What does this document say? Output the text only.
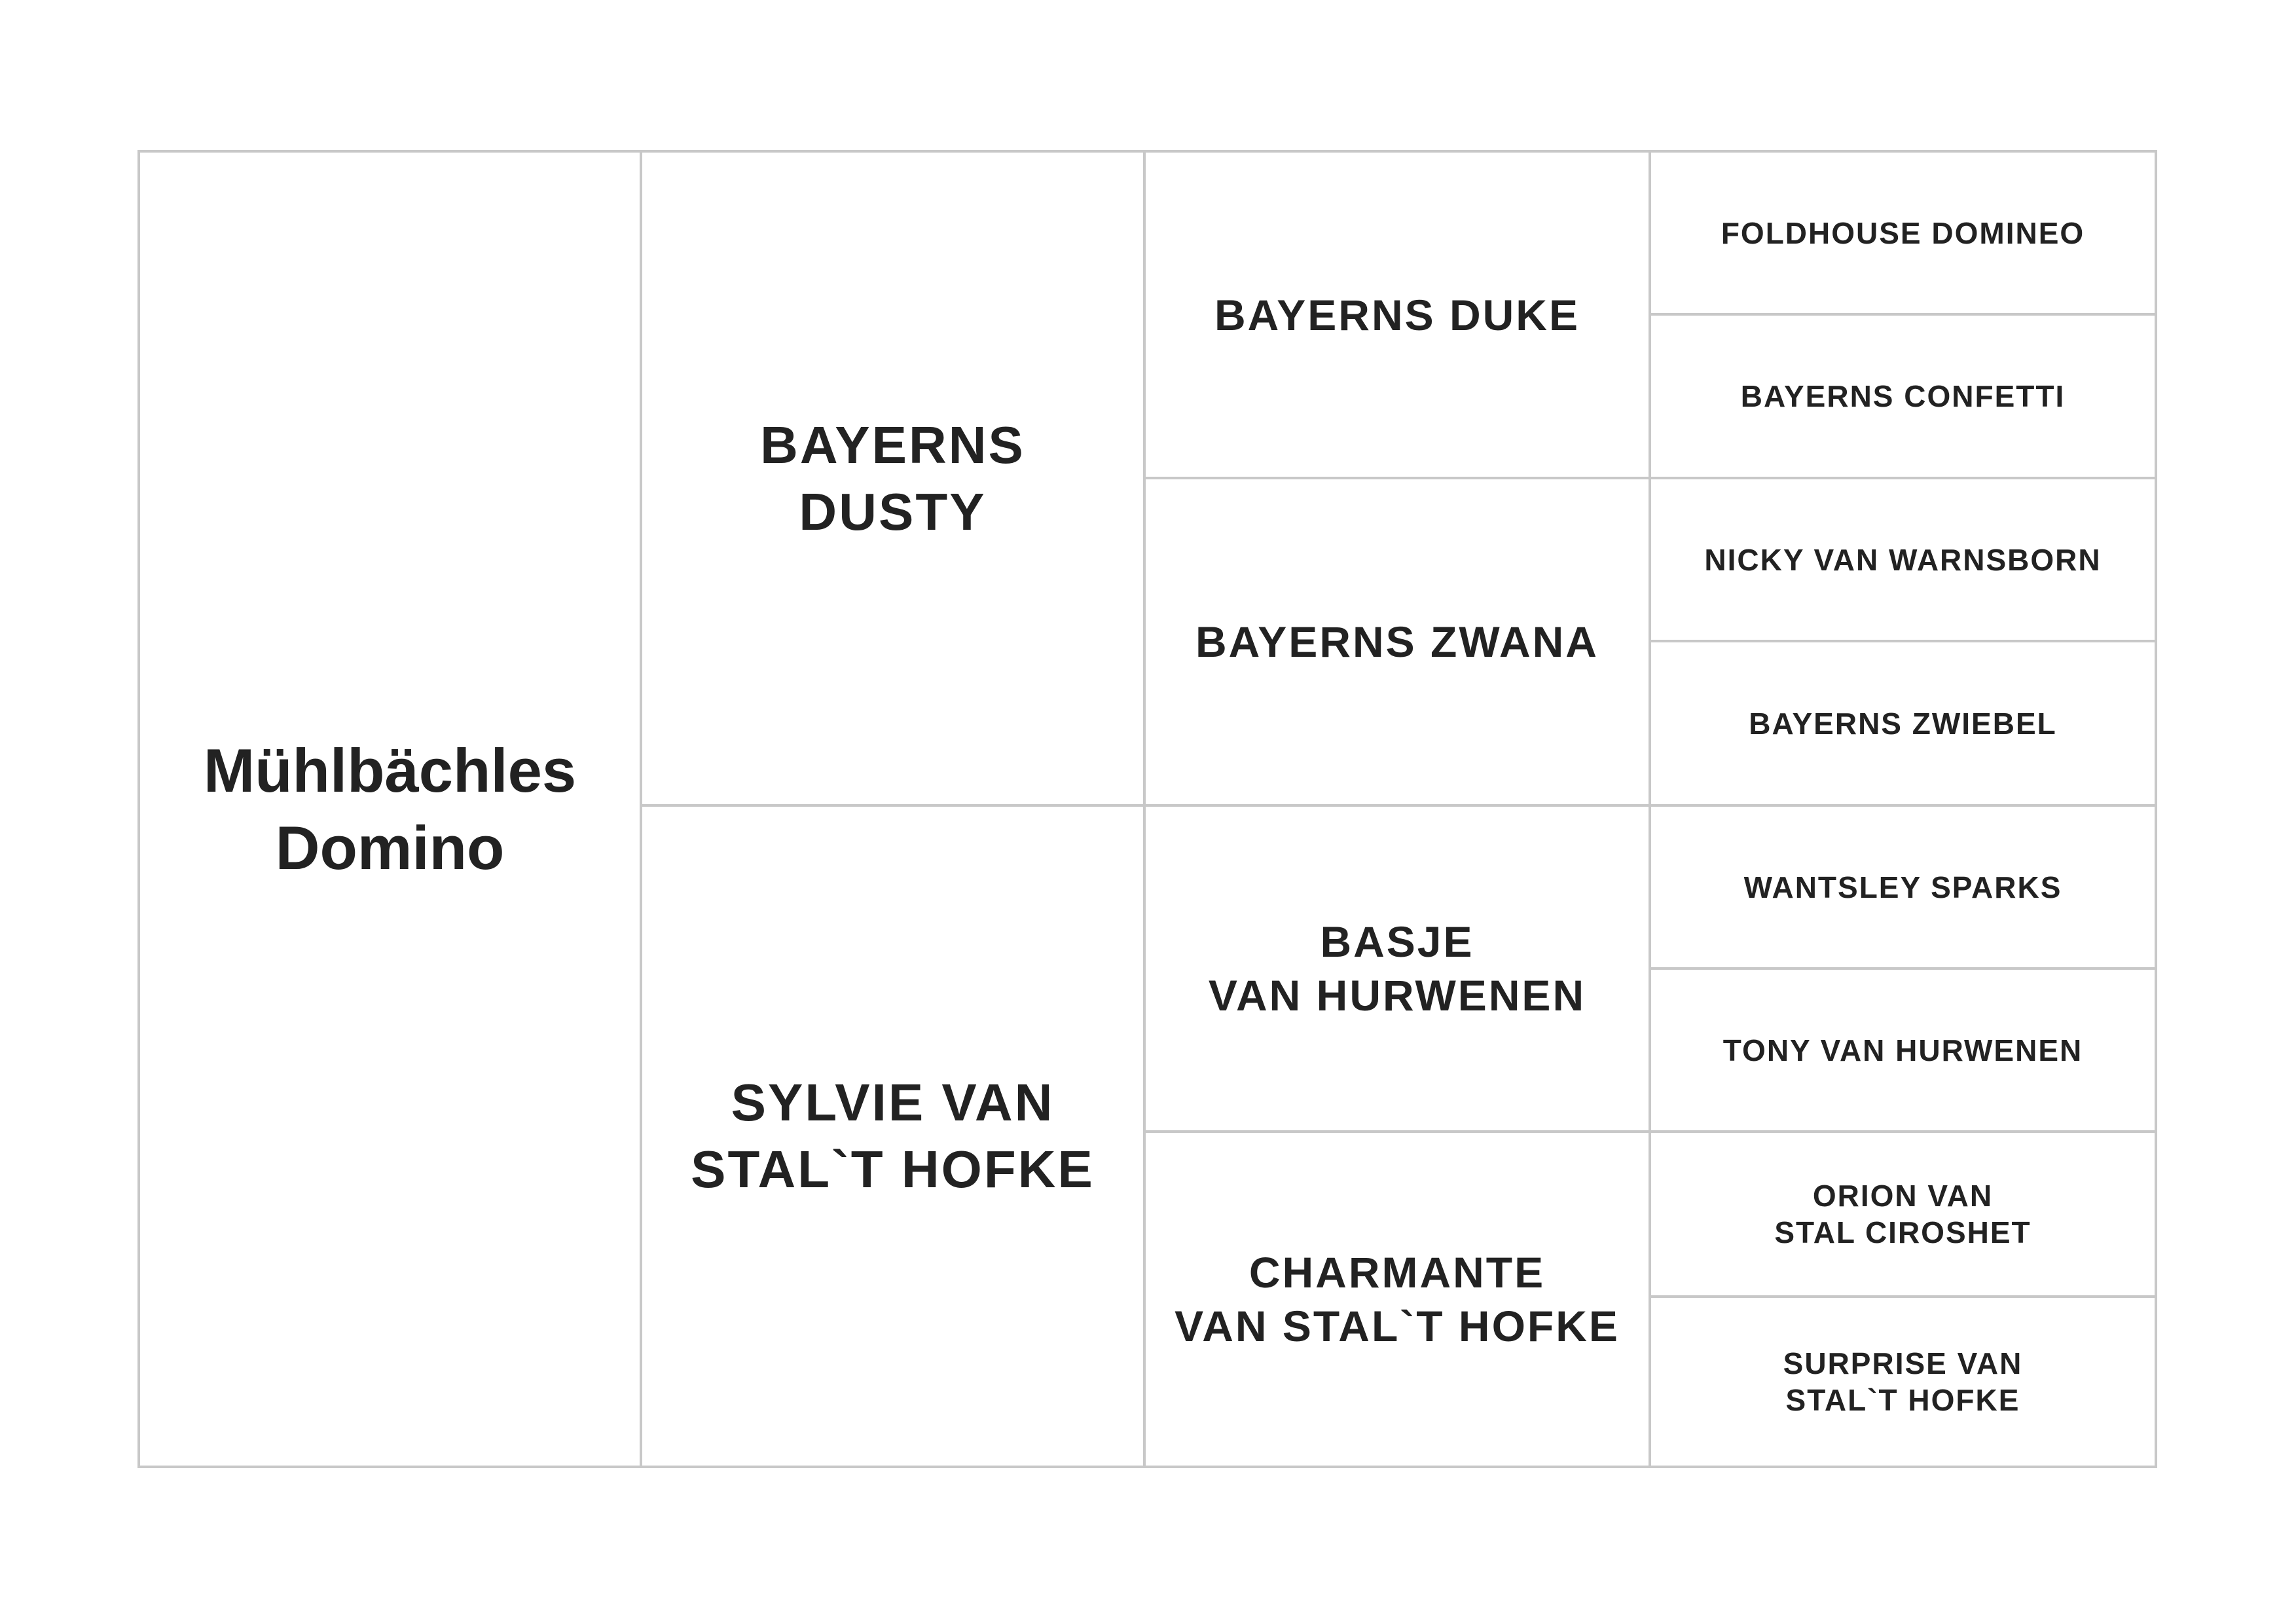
Mühlbächles
Domino
BAYERNS
DUSTY
SYLVIE VAN
STAL`T HOFKE
BAYERNS DUKE
BAYERNS ZWANA
BASJE
VAN HURWENEN
CHARMANTE
VAN STAL`T HOFKE
FOLDHOUSE DOMINEO
BAYERNS CONFETTI
NICKY VAN WARNSBORN
BAYERNS ZWIEBEL
WANTSLEY SPARKS
TONY VAN HURWENEN
ORION VAN
STAL CIROSHET
SURPRISE VAN
STAL`T HOFKE
